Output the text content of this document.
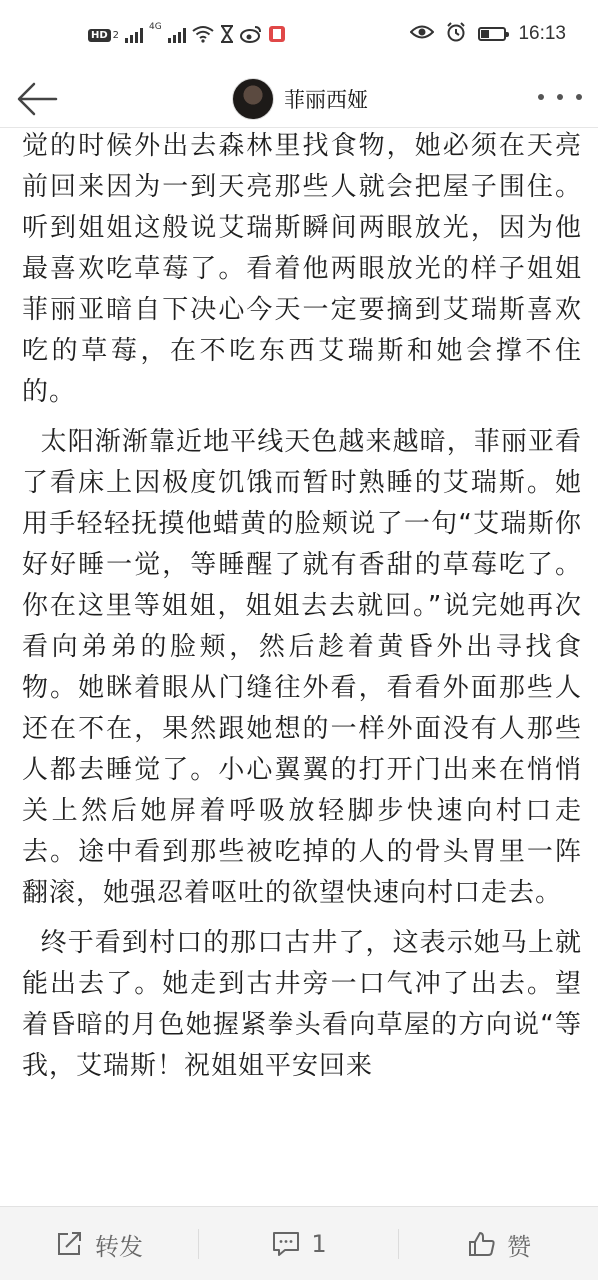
HD 2
4G	16:13
菲丽西娅

觉的时候外出去森林里找食物，她必须在天亮前回来因为一到天亮那些人就会把屋子围住。听到姐姐这般说艾瑞斯瞬间两眼放光，因为他最喜欢吃草莓了。看着他两眼放光的样子姐姐菲丽亚暗自下决心今天一定要摘到艾瑞斯喜欢吃的草莓，在不吃东西艾瑞斯和她会撑不住的。

太阳渐渐靠近地平线天色越来越暗，菲丽亚看了看床上因极度饥饿而暂时熟睡的艾瑞斯。她用手轻轻抚摸他蜡黄的脸颊说了一句“艾瑞斯你好好睡一觉，等睡醒了就有香甜的草莓吃了。你在这里等姐姐，姐姐去去就回。”说完她再次看向弟弟的脸颊，然后趁着黄昏外出寻找食物。她眯着眼从门缝往外看，看看外面那些人还在不在，果然跟她想的一样外面没有人那些人都去睡觉了。小心翼翼的打开门出来在悄悄关上然后她屏着呼吸放轻脚步快速向村口走去。途中看到那些被吃掉的人的骨头胃里一阵翻滚，她强忍着呕吐的欲望快速向村口走去。

终于看到村口的那口古井了，这表示她马上就能出去了。她走到古井旁一口气冲了出去。望着昏暗的月色她握紧拳头看向草屋的方向说“等我，艾瑞斯！祝姐姐平安回来

转发	1	赞
